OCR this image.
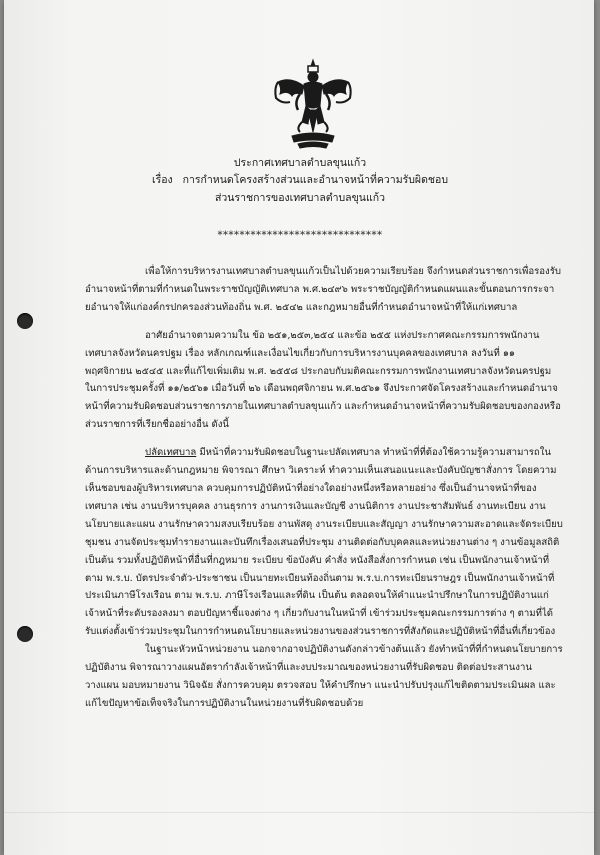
ประกาศเทศบาลตำบลขุนแก้ว
เรื่อง การกำหนดโครงสร้างส่วนและอำนาจหน้าที่ความรับผิดชอบ
ส่วนราชการของเทศบาลตำบลขุนแก้ว
******************************

เพื่อให้การบริหารงานเทศบาลตำบลขุนแก้วเป็นไปด้วยความเรียบร้อย จึงกำหนดส่วนราชการเพื่อรองรับอำนาจหน้าที่ตามที่กำหนดในพระราชบัญญัติเทศบาล พ.ศ.๒๔๙๖ พระราชบัญญัติกำหนดแผนและขั้นตอนการกระจายอำนาจให้แก่องค์กรปกครองส่วนท้องถิ่น พ.ศ. ๒๕๔๒ และกฎหมายอื่นที่กำหนดอำนาจหน้าที่ให้แก่เทศบาล

อาศัยอำนาจตามความใน ข้อ ๒๕๑,๒๕๓,๒๕๔ และข้อ ๒๕๕ แห่งประกาศคณะกรรมการพนักงานเทศบาลจังหวัดนครปฐม เรื่อง หลักเกณฑ์และเงื่อนไขเกี่ยวกับการบริหารงานบุคคลของเทศบาล ลงวันที่ ๑๑ พฤศจิกายน ๒๕๔๕ และที่แก้ไขเพิ่มเติม พ.ศ. ๒๕๕๘ ประกอบกับมติคณะกรรมการพนักงานเทศบาลจังหวัดนครปฐม ในการประชุมครั้งที่ ๑๑/๒๕๖๑ เมื่อวันที่ ๒๖ เดือนพฤศจิกายน พ.ศ.๒๕๖๑ จึงประกาศจัดโครงสร้างและกำหนดอำนาจหน้าที่ความรับผิดชอบส่วนราชการภายในเทศบาลตำบลขุนแก้ว และกำหนดอำนาจหน้าที่ความรับผิดชอบของกองหรือส่วนราชการที่เรียกชื่ออย่างอื่น ดังนี้

ปลัดเทศบาล มีหน้าที่ความรับผิดชอบในฐานะปลัดเทศบาล ทำหน้าที่ที่ต้องใช้ความรู้ความสามารถในด้านการบริหารและด้านกฎหมาย พิจารณา ศึกษา วิเคราะห์ ทำความเห็นเสนอแนะและบังคับบัญชาสั่งการ โดยความเห็นชอบของผู้บริหารเทศบาล ควบคุมการปฏิบัติหน้าที่อย่างใดอย่างหนึ่งหรือหลายอย่าง ซึ่งเป็นอำนาจหน้าที่ของเทศบาล เช่น งานบริหารบุคคล งานธุรการ งานการเงินและบัญชี งานนิติการ งานประชาสัมพันธ์ งานทะเบียน งานนโยบายและแผน งานรักษาความสงบเรียบร้อย งานพัสดุ งานระเบียบและสัญญา งานรักษาความสะอาดและจัดระเบียบชุมชน งานจัดประชุมทำรายงานและบันทึกเรื่องเสนอที่ประชุม งานติดต่อกับบุคคลและหน่วยงานต่าง ๆ งานข้อมูลสถิติ เป็นต้น รวมทั้งปฏิบัติหน้าที่อื่นที่กฎหมาย ระเบียบ ข้อบังคับ คำสั่ง หนังสือสั่งการกำหนด เช่น เป็นพนักงานเจ้าหน้าที่ ตาม พ.ร.บ. บัตรประจำตัว-ประชาชน เป็นนายทะเบียนท้องถิ่นตาม พ.ร.บ.การทะเบียนราษฎร เป็นพนักงานเจ้าหน้าที่ประเมินภาษีโรงเรือน ตาม พ.ร.บ. ภาษีโรงเรือนและที่ดิน เป็นต้น ตลอดจนให้คำแนะนำปรึกษาในการปฏิบัติงานแก่เจ้าหน้าที่ระดับรองลงมา ตอบปัญหาชี้แจงต่าง ๆ เกี่ยวกับงานในหน้าที่ เข้าร่วมประชุมคณะกรรมการต่าง ๆ ตามที่ได้รับแต่งตั้งเข้าร่วมประชุมในการกำหนดนโยบายและหน่วยงานของส่วนราชการที่สังกัดและปฏิบัติหน้าที่อื่นที่เกี่ยวข้อง

ในฐานะหัวหน้าหน่วยงาน นอกจากอาจปฏิบัติงานดังกล่าวข้างต้นแล้ว ยังทำหน้าที่ที่กำหนดนโยบายการปฏิบัติงาน พิจารณาวางแผนอัตรากำลังเจ้าหน้าที่และงบประมาณของหน่วยงานที่รับผิดชอบ ติดต่อประสานงาน วางแผน มอบหมายงาน วินิจฉัย สั่งการควบคุม ตรวจสอบ ให้คำปรึกษา แนะนำปรับปรุงแก้ไขติดตามประเมินผล และแก้ไขปัญหาข้อเท็จจริงในการปฏิบัติงานในหน่วยงานที่รับผิดชอบด้วย
